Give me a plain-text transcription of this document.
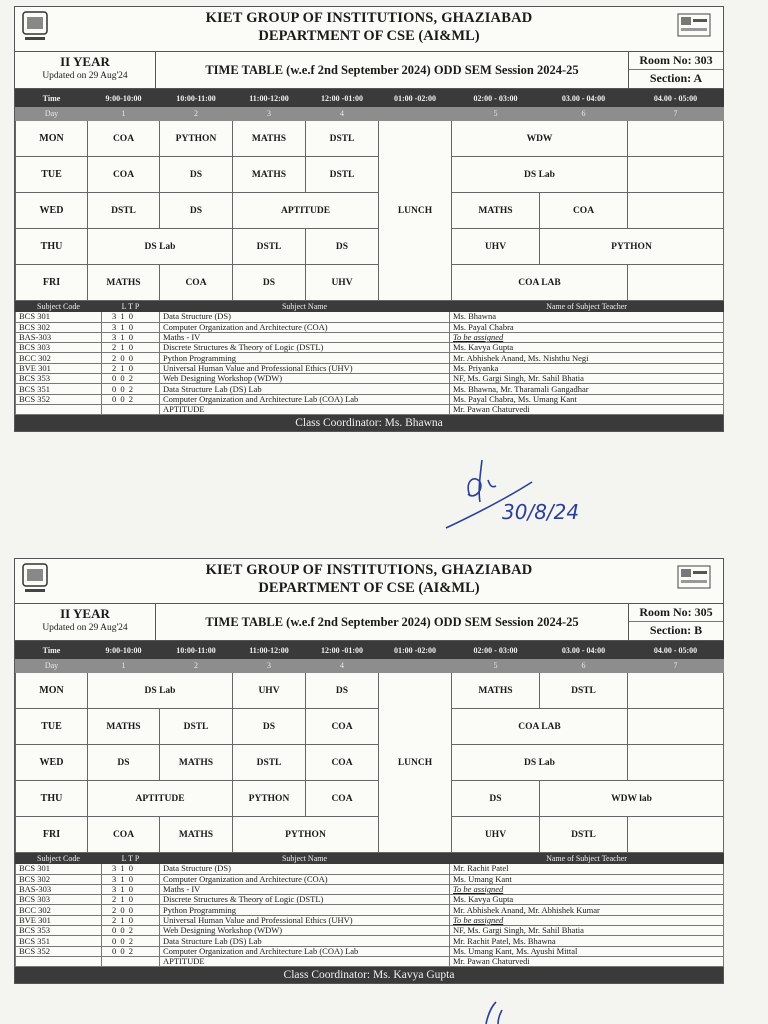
KIET GROUP OF INSTITUTIONS, GHAZIABAD
DEPARTMENT OF CSE (AI&ML)
II YEAR
Updated on 29 Aug'24	TIME TABLE (w.e.f 2nd September 2024) ODD SEM Session 2024-25
Room No: 303
Section: A
Time	9:00-10:00	10:00-11:00	11:00-12:00	12:00 -01:00	01:00 -02:00	02:00 - 03:00	03.00 - 04:00	04.00 - 05:00
Day	1	2	3	4		5	6	7
MON	COA	PYTHON	MATHS	DSTL	LUNCH	WDW		
TUE	COA	DS	MATHS	DSTL		DS Lab		
WED	DSTL	DS	APTITUDE			MATHS	COA	
THU	DS Lab		DSTL	DS		UHV	PYTHON	
FRI	MATHS	COA	DS	UHV		COA LAB		
Subject Code	L T P	Subject Name	Name of Subject Teacher
BCS 301	3 1 0	Data Structure (DS)	Ms. Bhawna
BCS 302	3 1 0	Computer Organization and Architecture (COA)	Ms. Payal Chabra
BAS-303	3 1 0	Maths - IV	To be assigned
BCS 303	2 1 0	Discrete Structures & Theory of Logic (DSTL)	Ms. Kavya Gupta
BCC 302	2 0 0	Python Programming	Mr. Abhishek Anand, Ms. Nishthu Negi
BVE 301	2 1 0	Universal Human Value and Professional Ethics (UHV)	Ms. Priyanka
BCS 353	0 0 2	Web Designing Workshop (WDW)	NF, Ms. Gargi Singh, Mr. Sahil Bhatia
BCS 351	0 0 2	Data Structure Lab (DS) Lab	Ms. Bhawna, Mr. Tharamali Gangadhar
BCS 352	0 0 2	Computer Organization and Architecture Lab (COA) Lab	Ms. Payal Chabra, Ms. Umang Kant
		APTITUDE	Mr. Pawan Chaturvedi
Class Coordinator: Ms. Bhawna
30/8/24
KIET GROUP OF INSTITUTIONS, GHAZIABAD
DEPARTMENT OF CSE (AI&ML)
II YEAR
Updated on 29 Aug'24	TIME TABLE (w.e.f 2nd September 2024) ODD SEM Session 2024-25
Room No: 305
Section: B
Time	9:00-10:00	10:00-11:00	11:00-12:00	12:00 -01:00	01:00 -02:00	02:00 - 03:00	03.00 - 04:00	04.00 - 05:00
Day	1	2	3	4		5	6	7
MON	DS Lab		UHV	DS	LUNCH	MATHS	DSTL	
TUE	MATHS	DSTL	DS	COA		COA LAB		
WED	DS	MATHS	DSTL	COA		DS Lab		
THU	APTITUDE		PYTHON	COA		DS	WDW lab	
FRI	COA	MATHS	PYTHON			UHV	DSTL	
Subject Code	L T P	Subject Name	Name of Subject Teacher
BCS 301	3 1 0	Data Structure (DS)	Mr. Rachit Patel
BCS 302	3 1 0	Computer Organization and Architecture (COA)	Ms. Umang Kant
BAS-303	3 1 0	Maths - IV	To be assigned
BCS 303	2 1 0	Discrete Structures & Theory of Logic (DSTL)	Ms. Kavya Gupta
BCC 302	2 0 0	Python Programming	Mr. Abhishek Anand, Mr. Abhishek Kumar
BVE 301	2 1 0	Universal Human Value and Professional Ethics (UHV)	To be assigned
BCS 353	0 0 2	Web Designing Workshop (WDW)	NF, Ms. Gargi Singh, Mr. Sahil Bhatia
BCS 351	0 0 2	Data Structure Lab (DS) Lab	Mr. Rachit Patel, Ms. Bhawna
BCS 352	0 0 2	Computer Organization and Architecture Lab (COA) Lab	Ms. Umang Kant, Ms. Ayushi Mittal
		APTITUDE	Mr. Pawan Chaturvedi
Class Coordinator: Ms. Kavya Gupta
